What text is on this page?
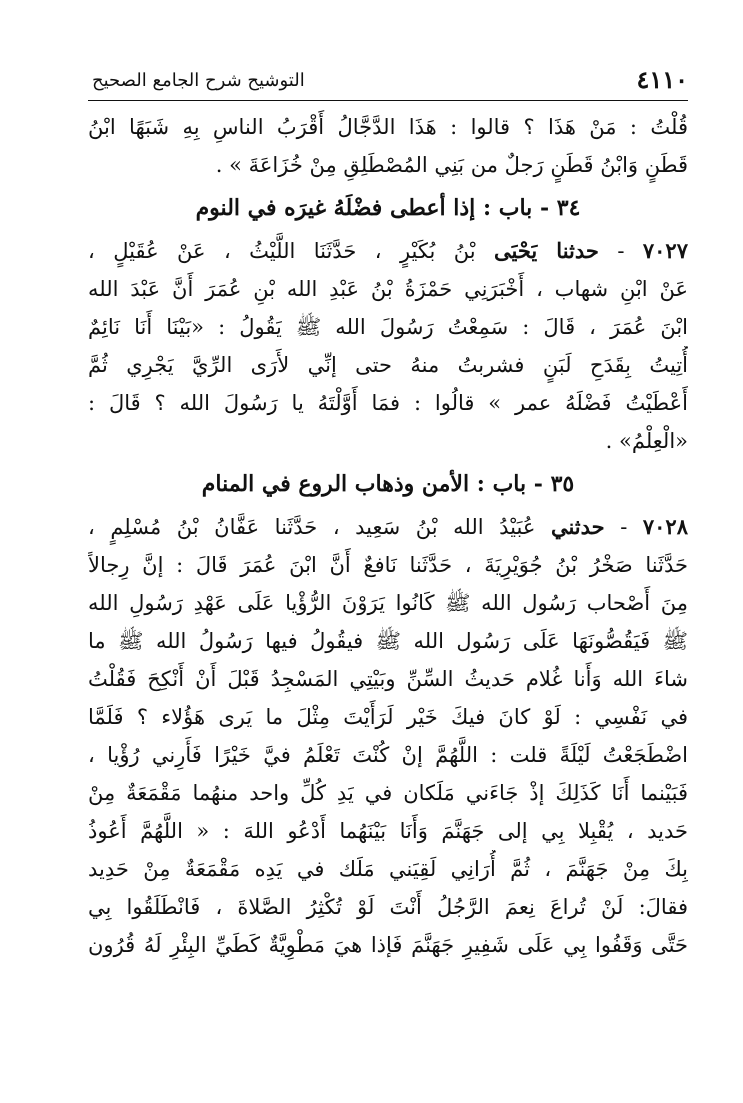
٤١١٠
التوشيح شرح الجامع الصحيح
قُلْتُ : مَنْ هَذَا ؟ قالوا : هَذَا الدَّجَّالُ أَقْرَبُ الناسِ بِهِ شَبَهًا ابْنُ
قَطَنٍ وَابْنُ قَطَنٍ رَجلٌ من بَنِي المُصْطَلِقِ مِنْ خُزَاعَةَ » .
٣٤ - باب : إذا أعطى فضْلَهُ غيرَه في النوم
٧٠٢٧ - حدثنا يَحْيَى بْنُ بُكَيْرٍ ، حَدَّثَنَا اللَّيْثُ ، عَنْ عُقَيْلٍ ،
عَنْ ابْنِ شهاب ، أَخْبَرَنِي حَمْزَةُ بْنُ عَبْدِ الله بْنِ عُمَرَ أَنَّ عَبْدَ الله
ابْنَ عُمَرَ ، قَالَ : سَمِعْتُ رَسُولَ الله ﷺ يَقُولُ : «بَيْنَا أَنَا نَائِمٌ
أُتِيتُ بِقَدَحِ لَبَنٍ فشربتُ منهُ حتى إنِّي لأَرَى الرِّيَّ يَجْرِي ثُمَّ
أَعْطَيْتُ فَضْلَهُ عمر » قالُوا : فمَا أَوَّلْتَهُ يا رَسُولَ الله ؟ قَالَ :
«الْعِلْمُ» .
٣٥ - باب : الأمن وذهاب الروع في المنام
٧٠٢٨ - حدثني عُبَيْدُ الله بْنُ سَعِيد ، حَدَّثَنا عَفَّانُ بْنُ مُسْلِمٍ ،
حَدَّثَنا صَخْرُ بْنُ جُوَيْرِيَةَ ، حَدَّثَنا نَافعٌ أَنَّ ابْنَ عُمَرَ قَالَ : إنَّ رِجالاً
مِنَ أَصْحاب رَسُول الله ﷺ كَانُوا يَرَوْنَ الرُّؤْيا عَلَى عَهْدِ رَسُولِ الله
ﷺ فَيَقُصُّونَهَا عَلَى رَسُول الله ﷺ فيقُولُ فيها رَسُولُ الله ﷺ ما
شاءَ الله وَأَنا غُلام حَديثُ السِّنِّ وبَيْتِي المَسْجِدُ قَبْلَ أَنْ أَنْكِحَ فَقُلْتُ
في نَفْسِي : لَوْ كانَ فيكَ خَيْر لَرَأَيْتَ مِثْلَ ما يَرى هَؤُلاء ؟ فَلَمَّا
اضْطَجَعْتُ لَيْلَةً قلت : اللَّهُمَّ إنْ كُنْتَ تَعْلَمُ فيَّ خَيْرًا فَأَرِني رُؤْيا ،
فَبَيْنما أَنَا كَذَلِكَ إذْ جَاءَني مَلَكان في يَدِ كُلِّ واحد منهُما مَقْمَعَةٌ مِنْ
حَديد ، يُقْبِلا بِي إلى جَهَنَّمَ وَأَنَا بَيْنَهُما أَدْعُو اللهَ : « اللَّهُمَّ أَعُوذُ
بِكَ مِنْ جَهَنَّمَ ، ثُمَّ أُرَانِي لَقِيَني مَلَك في يَدِه مَقْمَعَةٌ مِنْ حَدِيد
فقالَ: لَنْ تُراعَ نِعمَ الرَّجُلُ أَنْتَ لَوْ تُكْثِرُ الصَّلاةَ ، فَانْطَلَقُوا بِي
حَتَّى وَقَفُوا بِي عَلَى شَفِيرِ جَهَنَّمَ فَإذا هيَ مَطْوِيَّةٌ كَطَيِّ البِئْرِ لَهُ قُرُون
